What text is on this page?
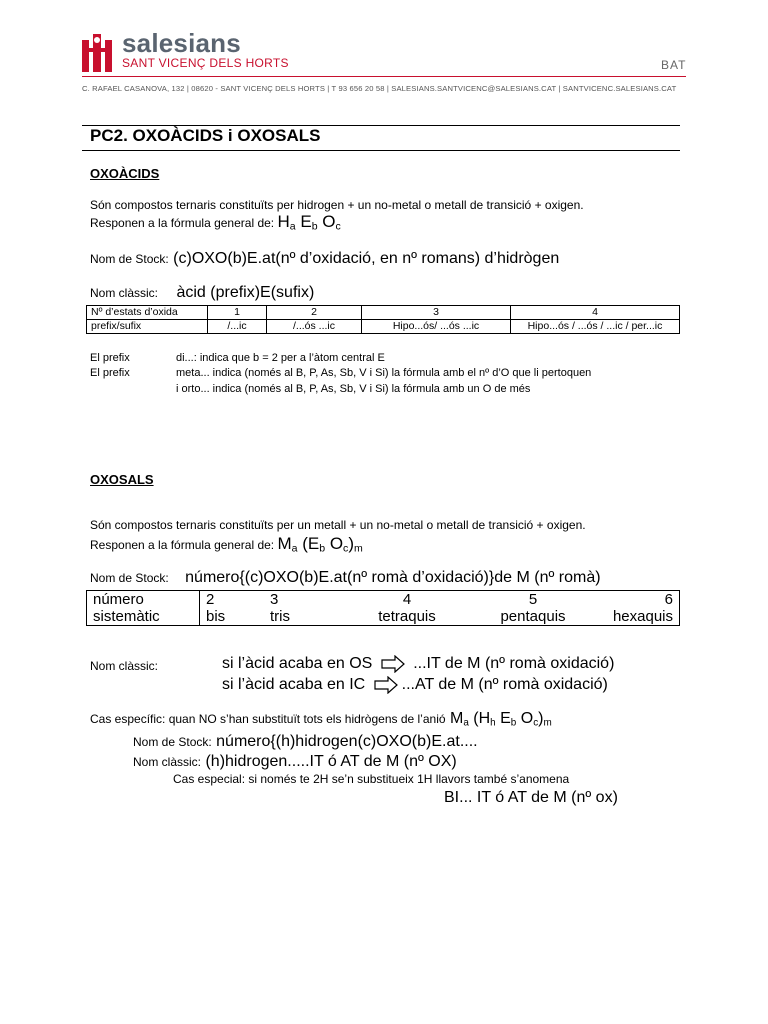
salesians
SANT VICENÇ DELS HORTS	BAT
C. RAFAEL CASANOVA, 132 | 08620 - SANT VICENÇ DELS HORTS | T 93 656 20 58 | SALESIANS.SANTVICENC@SALESIANS.CAT | SANTVICENC.SALESIANS.CAT
PC2. OXOÀCIDS i OXOSALS
OXOÀCIDS
Són compostos ternaris constituïts per hidrogen + un no-metal o metall de transició + oxigen.
Responen a la fórmula general de: $H_a$ $E_b$ $O_c$
Nom de Stock: (c)OXO(b)E.at(nº d’oxidació, en nº romans) d’hidrògen
Nom clàssic: àcid (prefix)E(sufix)
Nº d’estats d’oxida	1	2	3	4
prefix/sufix	/...ic	/...ós ...ic	Hipo...ós/ ...ós ...ic	Hipo...ós / ...ós / ...ic / per...ic
El prefix	di...: indica que b = 2 per a l’àtom central E
El prefix	meta... indica (només al B, P, As, Sb, V i Si) la fórmula amb el nº d’O que li pertoquen
i orto... indica (només al B, P, As, Sb, V i Si) la fórmula amb un O de més
OXOSALS
Són compostos ternaris constituïts per un metall + un no-metal o metall de transició + oxigen.
Responen a la fórmula general de: $M_a$ ($E_b$ $O_c)_m$
Nom de Stock: número{(c)OXO(b)E.at(nº romà d’oxidació)}de M (nº romà)
número	2	3	4	5	6
sistemàtic	bis	tris	tetraquis	pentaquis	hexaquis
Nom clàssic:	si l’àcid acaba en OS	...IT de M (nº romà oxidació)
si l’àcid acaba en IC ...AT de M (nº romà oxidació)
Cas específic: quan NO s’han substituït tots els hidrògens de l’anió $M_a$ ($H_h$ $E_b$ $O_c)_m$
Nom de Stock: número{(h)hidrogen(c)OXO(b)E.at....
Nom clàssic: (h)hidrogen.....IT ó AT de M (nº OX)
Cas especial: si només te 2H se’n substitueix 1H llavors també s’anomena
BI... IT ó AT de M (nº ox)
